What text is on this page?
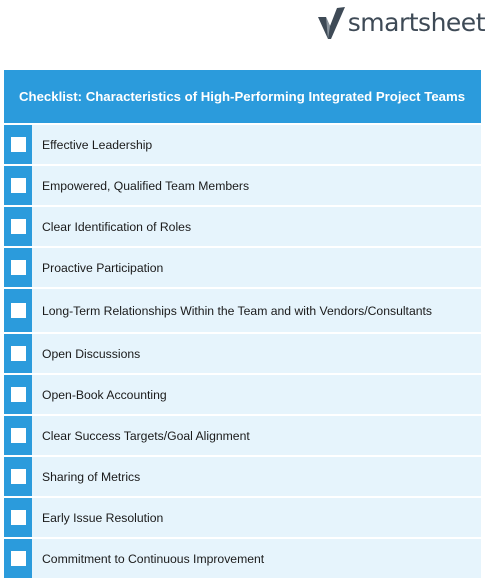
smartsheet
Checklist: Characteristics of High-Performing Integrated Project Teams
Effective Leadership
Empowered, Qualified Team Members
Clear Identification of Roles
Proactive Participation
Long-Term Relationships Within the Team and with Vendors/Consultants
Open Discussions
Open-Book Accounting
Clear Success Targets/Goal Alignment
Sharing of Metrics
Early Issue Resolution
Commitment to Continuous Improvement
